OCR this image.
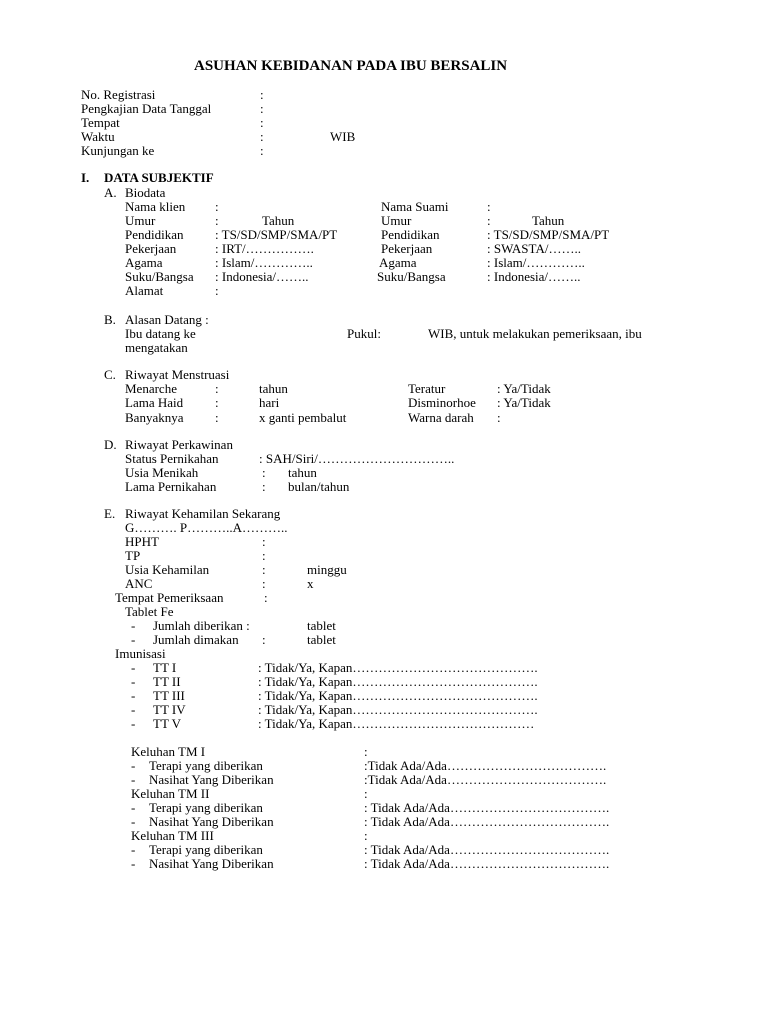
ASUHAN KEBIDANAN PADA IBU BERSALIN
No. Registrasi	:
Pengkajian Data Tanggal	:
Tempat	:
Waktu	:	WIB
Kunjungan ke	:
I. DATA SUBJEKTIF
A. Biodata
Nama klien :	Nama Suami	:
Umur	:	Tahun	Umur	:	Tahun
Pendidikan : TS/SD/SMP/SMA/PT	Pendidikan	: TS/SD/SMP/SMA/PT
Pekerjaan	: IRT/…………….	Pekerjaan	: SWASTA/……..
Agama	: Islam/…………..	Agama	: Islam/…………..
Suku/Bangsa : Indonesia/……..	Suku/Bangsa	: Indonesia/……..
Alamat	:
B. Alasan Datang :
Ibu datang ke	Pukul:	WIB, untuk melakukan pemeriksaan, ibu
mengatakan
C. Riwayat Menstruasi
Menarche	:	tahun	Teratur	: Ya/Tidak
Lama Haid :	hari	Disminorhoe : Ya/Tidak
Banyaknya :	x ganti pembalut	Warna darah :
D. Riwayat Perkawinan
Status Pernikahan	: SAH/Siri/…………………………..
Usia Menikah	: tahun
Lama Pernikahan	: bulan/tahun
E. Riwayat Kehamilan Sekarang
G………. P………..A………..
HPHT	:
TP	:
Usia Kehamilan	:	minggu
ANC	:	x
Tempat Pemeriksaan	:
Tablet Fe
- Jumlah diberikan :	tablet
- Jumlah dimakan :	tablet
Imunisasi
- TT I	: Tidak/Ya, Kapan…………………………………….
- TT II	: Tidak/Ya, Kapan…………………………………….
- TT III	: Tidak/Ya, Kapan…………………………………….
- TT IV	: Tidak/Ya, Kapan…………………………………….
- TT V	: Tidak/Ya, Kapan……………………………………
Keluhan TM I	:
- Terapi yang diberikan	:Tidak Ada/Ada……………………………….
- Nasihat Yang Diberikan	:Tidak Ada/Ada……………………………….
Keluhan TM II	:
- Terapi yang diberikan	: Tidak Ada/Ada……………………………….
- Nasihat Yang Diberikan	: Tidak Ada/Ada……………………………….
Keluhan TM III	:
- Terapi yang diberikan	: Tidak Ada/Ada……………………………….
- Nasihat Yang Diberikan	: Tidak Ada/Ada……………………………….
